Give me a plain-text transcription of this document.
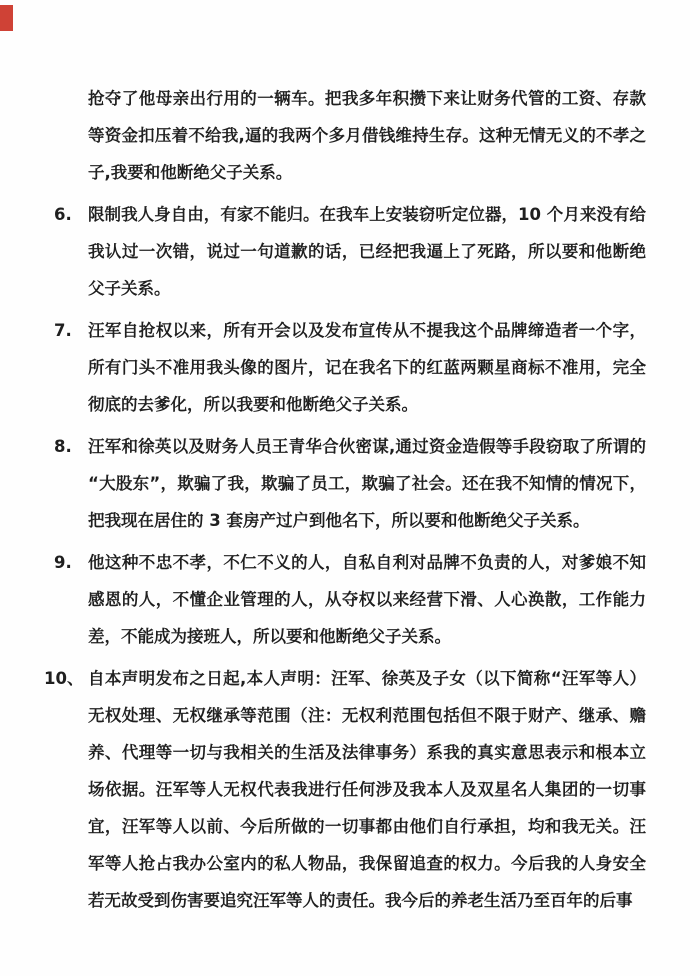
抢夺了他母亲出行用的一辆车。把我多年积攒下来让财务代管的工资、存款等资金扣压着不给我,逼的我两个多月借钱维持生存。这种无情无义的不孝之子,我要和他断绝父子关系。

6. 限制我人身自由，有家不能归。在我车上安装窃听定位器，10 个月来没有给我认过一次错，说过一句道歉的话，已经把我逼上了死路，所以要和他断绝父子关系。
7. 汪军自抢权以来，所有开会以及发布宣传从不提我这个品牌缔造者一个字，所有门头不准用我头像的图片，记在我名下的红蓝两颗星商标不准用，完全彻底的去爹化，所以我要和他断绝父子关系。
8. 汪军和徐英以及财务人员王青华合伙密谋,通过资金造假等手段窃取了所谓的“大股东”，欺骗了我，欺骗了员工，欺骗了社会。还在我不知情的情况下，把我现在居住的 3 套房产过户到他名下，所以要和他断绝父子关系。
9. 他这种不忠不孝，不仁不义的人，自私自利对品牌不负责的人，对爹娘不知感恩的人，不懂企业管理的人，从夺权以来经营下滑、人心涣散，工作能力差，不能成为接班人，所以要和他断绝父子关系。
10、 自本声明发布之日起,本人声明：汪军、徐英及子女（以下简称“汪军等人）无权处理、无权继承等范围（注：无权利范围包括但不限于财产、继承、赡养、代理等一切与我相关的生活及法律事务）系我的真实意思表示和根本立场依据。汪军等人无权代表我进行任何涉及我本人及双星名人集团的一切事宜，汪军等人以前、今后所做的一切事都由他们自行承担，均和我无关。汪军等人抢占我办公室内的私人物品，我保留追查的权力。今后我的人身安全若无故受到伤害要追究汪军等人的责任。我今后的养老生活乃至百年的后事
